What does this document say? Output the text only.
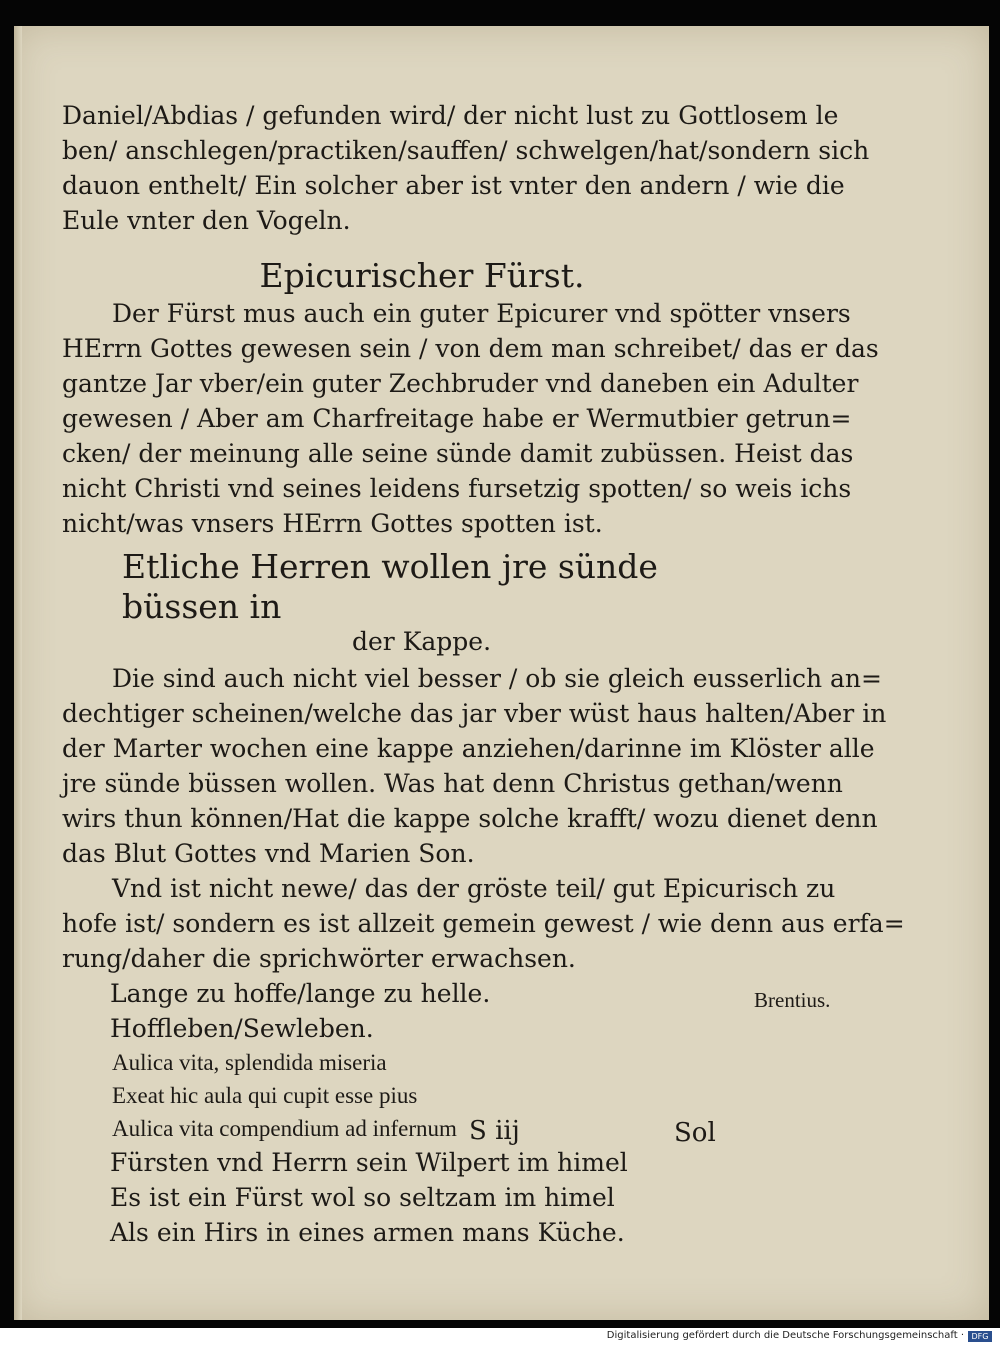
Daniel/Abdias / gefunden wird/ der nicht lust zu Gottlosem le
ben/ anschlegen/practiken/sauffen/ schwelgen/hat/sondern sich
dauon enthelt/ Ein solcher aber ist vnter den andern / wie die
Eule vnter den Vogeln.
Epicurischer Fürst.
Der Fürst mus auch ein guter Epicurer vnd spötter vnsers
HErrn Gottes gewesen sein / von dem man schreibet/ das er das
gantze Jar vber/ein guter Zechbruder vnd daneben ein Adulter
gewesen / Aber am Charfreitage habe er Wermutbier getrun=
cken/ der meinung alle seine sünde damit zubüssen. Heist das
nicht Christi vnd seines leidens fursetzig spotten/ so weis ichs
nicht/was vnsers HErrn Gottes spotten ist.
Etliche Herren wollen jre sünde büssen in
der Kappe.
Die sind auch nicht viel besser / ob sie gleich eusserlich an=
dechtiger scheinen/welche das jar vber wüst haus halten/Aber in
der Marter wochen eine kappe anziehen/darinne im Klöster alle
jre sünde büssen wollen. Was hat denn Christus gethan/wenn
wirs thun können/Hat die kappe solche krafft/ wozu dienet denn
das Blut Gottes vnd Marien Son.
Vnd ist nicht newe/ das der gröste teil/ gut Epicurisch zu
hofe ist/ sondern es ist allzeit gemein gewest / wie denn aus erfa=
rung/daher die sprichwörter erwachsen.
Lange zu hoffe/lange zu helle.
Hoffleben/Sewleben.
Aulica vita, splendida miseria
Exeat hic aula qui cupit esse pius
Aulica vita compendium ad infernum
Fürsten vnd Herrn sein Wilpert im himel
Es ist ein Fürst wol so seltzam im himel
Als ein Hirs in eines armen mans Küche.
Brentius.
S iij	Sol
Digitalisierung gefördert durch die Deutsche Forschungsgemeinschaft · DFG
